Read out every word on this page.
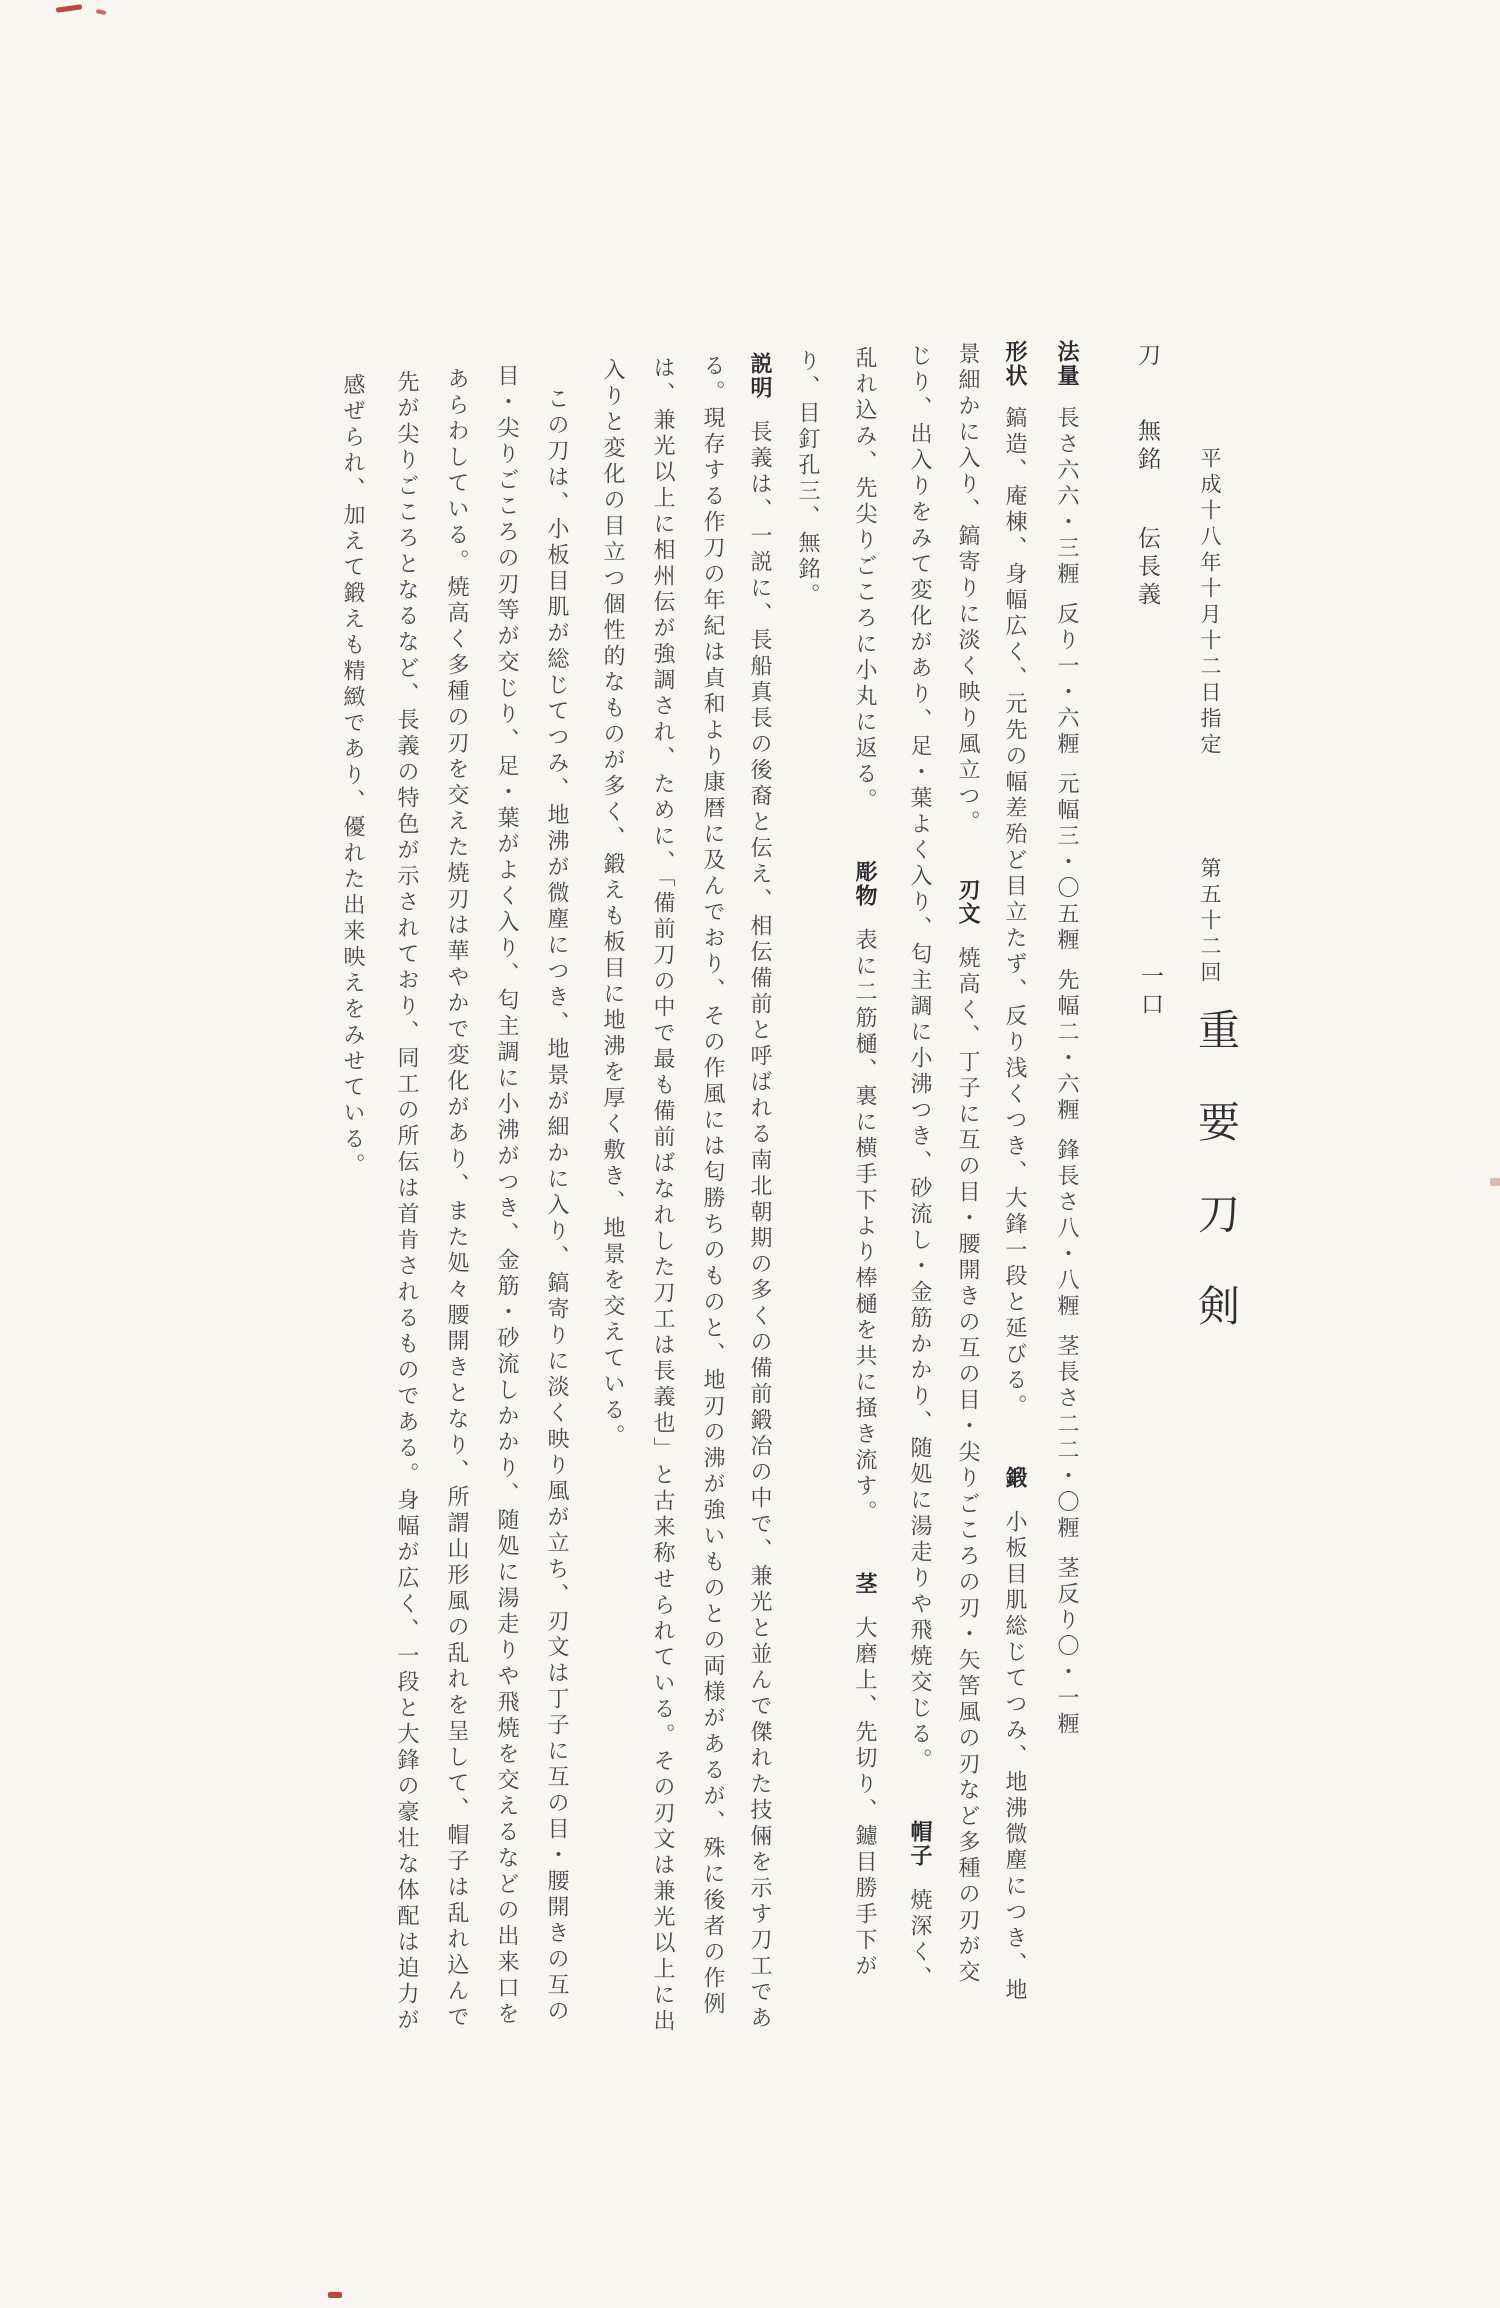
平成十八年十月十二日指定
第五十二回
重要刀剣
刀  無銘  伝長義
一口
法量長さ六六・三糎反り一・六糎元幅三・〇五糎先幅二・六糎鋒長さ八・八糎茎長さ二二・〇糎茎反り〇・一糎
形状鎬造、庵棟、身幅広く、元先の幅差殆ど目立たず、反り浅くつき、大鋒一段と延びる。鍛小板目肌総じてつみ、地沸微塵につき、地
景細かに入り、鎬寄りに淡く映り風立つ。刃文焼高く、丁子に互の目・腰開きの互の目・尖りごころの刃・矢筈風の刃など多種の刃が交
じり、出入りをみて変化があり、足・葉よく入り、匂主調に小沸つき、砂流し・金筋かかり、随処に湯走りや飛焼交じる。帽子焼深く、
乱れ込み、先尖りごころに小丸に返る。彫物表に二筋樋、裏に横手下より棒樋を共に掻き流す。茎大磨上、先切り、鑢目勝手下が
り、目釘孔三、無銘。
説明長義は、一説に、長船真長の後裔と伝え、相伝備前と呼ばれる南北朝期の多くの備前鍛冶の中で、兼光と並んで傑れた技倆を示す刀工であ
る。現存する作刀の年紀は貞和より康暦に及んでおり、その作風には匂勝ちのものと、地刃の沸が強いものとの両様があるが、殊に後者の作例
は、兼光以上に相州伝が強調され、ために、「備前刀の中で最も備前ばなれした刀工は長義也」と古来称せられている。その刃文は兼光以上に出
入りと変化の目立つ個性的なものが多く、鍛えも板目に地沸を厚く敷き、地景を交えている。
　この刀は、小板目肌が総じてつみ、地沸が微塵につき、地景が細かに入り、鎬寄りに淡く映り風が立ち、刃文は丁子に互の目・腰開きの互の
目・尖りごころの刃等が交じり、足・葉がよく入り、匂主調に小沸がつき、金筋・砂流しかかり、随処に湯走りや飛焼を交えるなどの出来口を
あらわしている。焼高く多種の刃を交えた焼刃は華やかで変化があり、また処々腰開きとなり、所謂山形風の乱れを呈して、帽子は乱れ込んで
先が尖りごころとなるなど、長義の特色が示されており、同工の所伝は首肯されるものである。身幅が広く、一段と大鋒の豪壮な体配は迫力が
感ぜられ、加えて鍛えも精緻であり、優れた出来映えをみせている。
